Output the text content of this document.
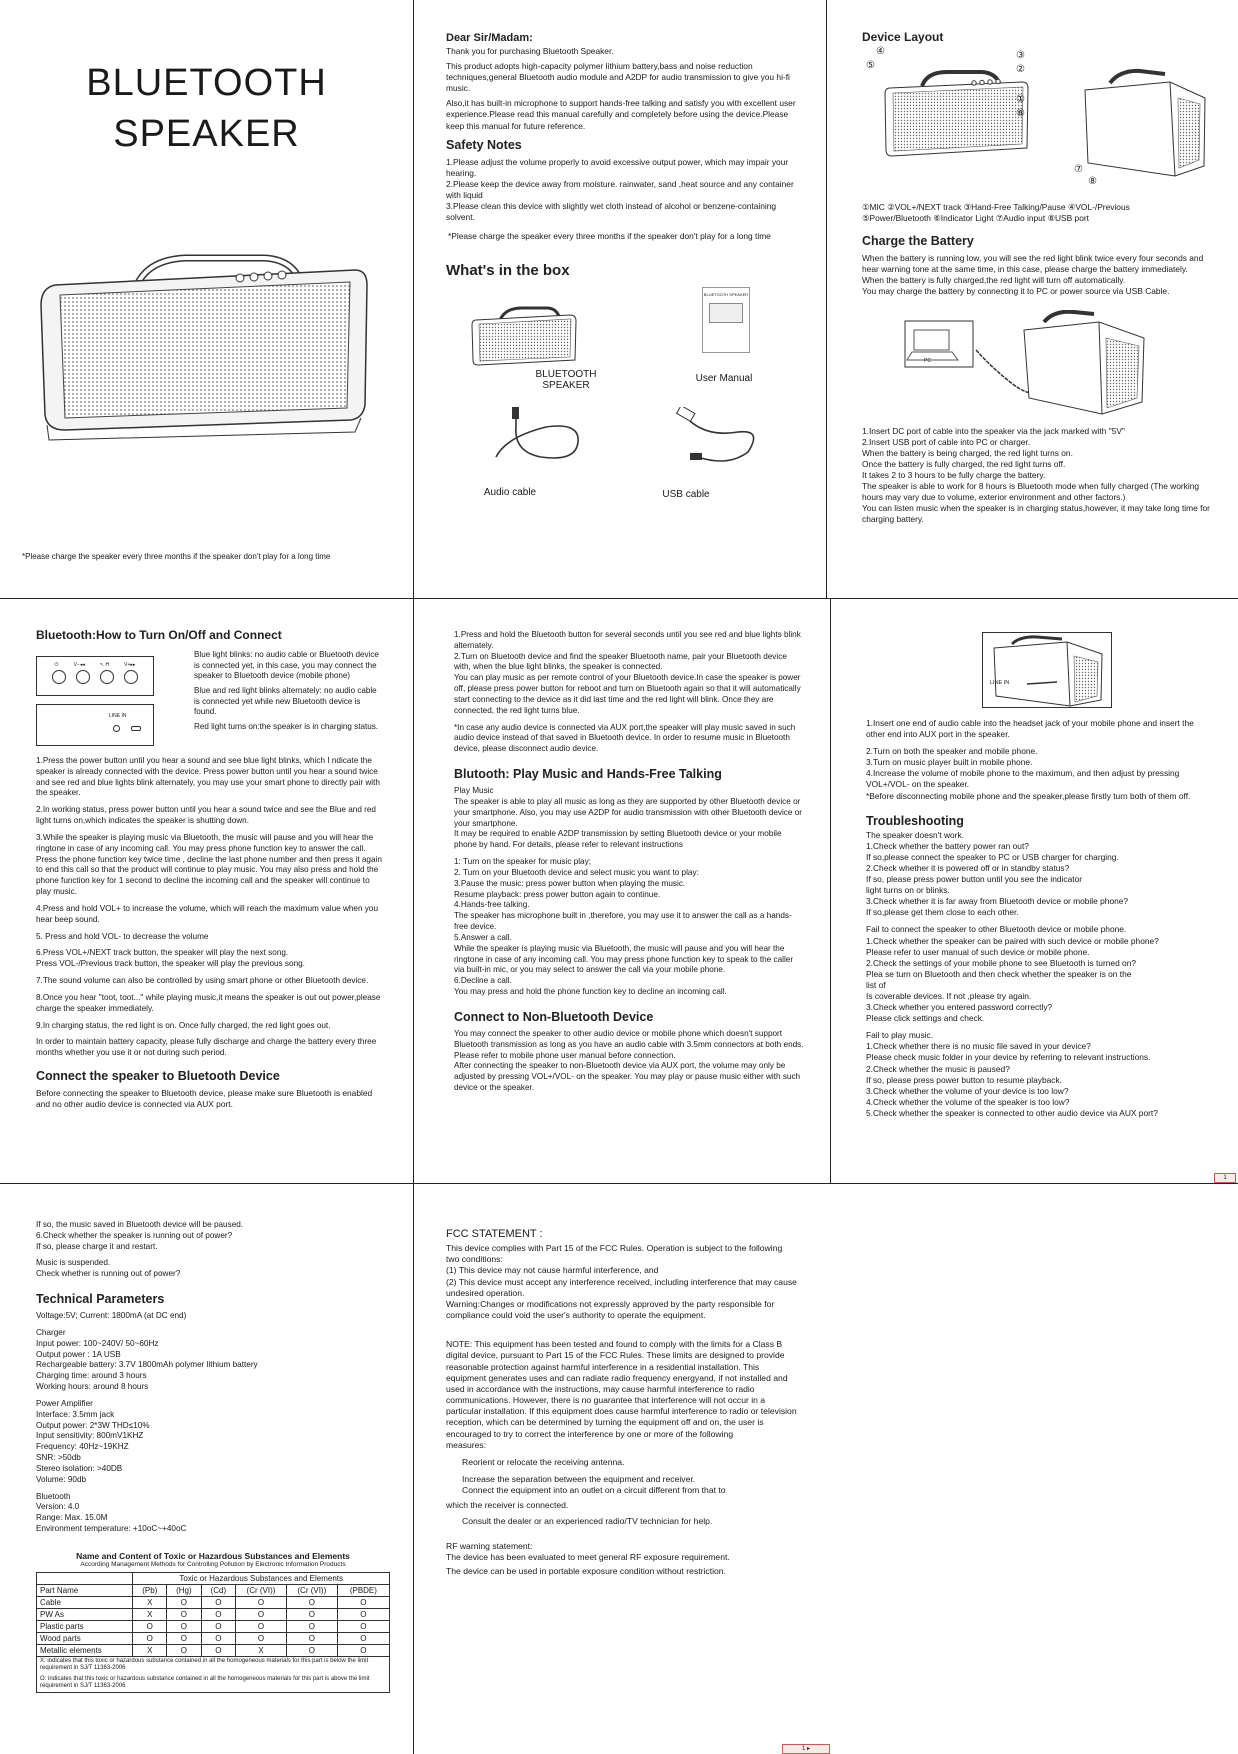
BLUETOOTH
SPEAKER
*Please charge the speaker every three months if the speaker don't play for a long time
Dear Sir/Madam:

Thank you for purchasing Bluetooth Speaker.

This product adopts high-capacity polymer lithium battery,bass and noise reduction techniques,general Bluetooth audio module and A2DP for audio transmission to give you hi-fi music.

Also,it has built-in microphone to support hands-free talking and satisfy you with excellent user experience.Please read this manual carefully and completely before using the device.Please keep this manual for future reference.

Safety Notes
1.Please adjust the volume properly to avoid excessive output power, which may impair your hearing.
2.Please keep the device away from moisture. rainwater, sand ,heat source and any container with liquid
3.Please clean this device with slightly wet cloth instead of alcohol or benzene-containing solvent.

*Please charge the speaker every three months if the speaker don't play for a long time

What's in the box
BLUETOOTH SPEAKER
BLUETOOTH SPEAKER
User Manual
Audio cable	USB cable
Device Layout
④
⑤
③
②
①
⑥
⑦
⑧
①MIC ②VOL+/NEXT track ③Hand-Free Talking/Pause ④VOL-/Previous
⑤Power/Bluetooth ⑥Indicator Light ⑦Audio input ⑧USB port
Charge the Battery

When the battery is running low, you will see the red light blink twice every four seconds and hear warning tone at the same time, in this case, please charge the battery immediately.
When the battery is fully charged,the red light will turn off automatically.
You may charge the battery by connecting it to PC or power source via USB Cable.

PC

1.Insert DC port of cable into the speaker via the jack marked with "5V"
2.Insert USB port of cable into PC or charger.
When the battery is being charged, the red light turns on.
Once the battery is fully charged, the red light turns off.
It takes 2 to 3 hours to be fully charge the battery.
The speaker is able to work for 8 hours is Bluetooth mode when fully charged (The working hours may vary due to volume, exterior environment and other factors.)
You can listen music when the speaker is in charging status,however, it may take long time for charging battery.

Bluetooth:How to Turn On/Off and Connect
⏻	V−◂◂	↖ H	V+▸▸
LINE IN

Blue light blinks: no audio cable or Bluetooth device is connected yet, in this case, you may connect the speaker to Bluetooth device (mobile phone)

Blue and red light blinks alternately: no audio cable is connected yet while new Bluetooth device is found.

Red light turns on:the speaker is in charging status.

1.Press the power button until you hear a sound and see blue light blinks, which I ndicate the speaker is already connected with the device. Press power button until you hear a sound twice and see red and blue lights blink alternately, you may use your smart phone to directly pair with the speaker.

2.In working status, press power button until you hear a sound twice and see the Blue and red light turns on,which indicates the speaker is shutting down.

3.While the speaker is playing music via Bluetooth, the music will pause and you will hear the ringtone in case of any incoming call. You may press phone function key to answer the call. Press the phone function key twice time , decline the last phone number and then press it again to end this call so that the product will continue to play music. You may also press and hold the phone function key for 1 second to decline the incoming call and the speaker will continue to play music.

4.Press and hold VOL+ to increase the volume, which will reach the maximum value when you hear beep sound.

5. Press and hold VOL- to decrease the volume

6.Press VOL+/NEXT track button, the speaker will play the next song.
Press VOL-/Previous track button, the speaker will play the previous song.

7.The sound volume can also be controlled by using smart phone or other Bluetooth device.

8.Once you hear "toot, toot..." while playing music,it means the speaker is out out power,please charge the speaker immediately.

9.In charging status, the red light is on. Once fully charged, the red light goes out.

In order to maintain battery capacity, please fully discharge and charge the battery every three months whether you use it or not during such period.

Connect the speaker to Bluetooth Device

Before connecting the speaker to Bluetooth device, please make sure Bluetooth is enabled and no other audio device is connected via AUX port.

1.Press and hold the Bluetooth button for several seconds until you see red and blue lights blink alternately.
2.Turn on Bluetooth device and find the speaker Bluetooth name, pair your Bluetooth device with, when the blue light blinks, the speaker is connected.
You can play music as per remote control of your Bluetooth device.In case the speaker is power off, please press power button for reboot and turn on Bluetooth again so that it will automatically start connecting to the device as it did last time and the red light will blink. Once they are connected, the red light turns blue.

*In case any audio device is connected via AUX port,the speaker will play music saved in such audio device instead of that saved in Bluetooth device. In order to resume music in Bluetooth device, please disconnect audio device.

Blutooth: Play Music and Hands-Free Talking

Play Music
The speaker is able to play all music as long as they are supported by other Bluetooth device or your smartphone. Also, you may use A2DP for audio transmission with other Bluetooth device or your smartphone.
It may be required to enable A2DP transmission by setting Bluetooth device or your mobile phone by hand. For details, please refer to relevant instructions

1: Turn on the speaker for music play;
2. Turn on your Bluetooth device and select music you want to play:
3.Pause the music: press power button when playing the music.
Resume playback: press power button again to continue.
4.Hands-free talking.
The speaker has microphone built in ,therefore, you may use it to answer the call as a hands-free device.
5.Answer a call.
While the speaker is playing music via Bluetooth, the music will pause and you will hear the ringtone in case of any incoming call. You may press phone function key to speak to the caller via built-in mic, or you may select to answer the call via your mobile phone.
6.Decline a call.
You may press and hold the phone function key to decline an incoming call.

Connect to Non-Bluetooth Device

You may connect the speaker to other audio device or mobile phone which doesn't support Bluetooth transmission as long as you have an audio cable with 3.5mm connectors at both ends.
Please refer to mobile phone user manual before connection.
After connecting the speaker to non-Bluetooth device via AUX port, the volume may only be adjusted by pressing VOL+/VOL- on the speaker. You may play or pause music either with such device or the speaker.

LINE IN

1.Insert one end of audio cable into the headset jack of your mobile phone and insert the other end into AUX port in the speaker.

2.Turn on both the speaker and mobile phone.
3.Turn on music player built in mobile phone.
4.Increase the volume of mobile phone to the maximum, and then adjust by pressing VOL+/VOL- on the speaker.
*Before disconnecting mobile phone and the speaker,please firstly turn both of them off.

Troubleshooting

The speaker doesn't work.
1.Check whether the battery power ran out?
If so,please connect the speaker to PC or USB charger for charging.
2.Check whether it is powered off or in standby status?
If so, please press power button until you see the indicator
light turns on or blinks.
3.Check whether it is far away from Bluetooth device or mobile phone?
If so,please get them close to each other.

Fail to connect the speaker to other Bluetooth device or mobile phone.
1.Check whether the speaker can be paired with such device or mobile phone?
Please refer to user manual of such device or mobile phone.
2.Check the settings of your mobile phone to see Bluetooth is turned on?
Plea se turn on Bluetooth and then check whether the speaker is on the
list of
Is coverable devices. If not ,please try again.
3.Check whether you entered password correctly?
Please click settings and check.

Fail to play music.
1.Check whether there is no music file saved in your device?
Please check music folder in your device by referring to relevant instructions.
2.Check whether the music is paused?
If so, please press power button to resume playback.
3.Check whether the volume of your device is too low?
4.Check whether the volume of the speaker is too low?
5.Check whether the speaker is connected to other audio device via AUX port?

1

If so, the music saved in Bluetooth device will be paused.
6.Check whether the speaker is running out of power?
If so, please charge it and restart.

Music is suspended.
Check whether is running out of power?

Technical Parameters

Voltage:5V; Current: 1800mA (at DC end)

Charger
Input power: 100~240V/ 50~60Hz
Output power : 1A USB
Rechargeable battery: 3.7V 1800mAh polymer lithium battery
Charging time: around 3 hours
Working hours: around 8 hours

Power Amplifier
Interface: 3.5mm jack
Output power: 2*3W THD≤10%
Input sensitivity: 800mV1KHZ
Frequency: 40Hz~19KHZ
SNR: >50db
Stereo isolation: >40DB
Volume: 90db

Bluetooth
Version: 4.0
Range: Max. 15.0M
Environment temperature: +10oC~+40oC

Name and Content of Toxic or Hazardous Substances and Elements
According Management Methods for Controlling Pollution by Electronic Information Products
	Toxic or Hazardous Substances and Elements					
Part Name	(Pb)	(Hg)	(Cd)	(Cr (VI))	(Cr (VI))	(PBDE)
Cable	X	O	O	O	O	O
PW As	X	O	O	O	O	O
Plastic parts	O	O	O	O	O	O
Wood parts	O	O	O	O	O	O
Metallic elements	X	O	O	X	O	O

X: indicates that this toxic or hazardous substance contained in all the homogeneous materials for this part is below the limit requirement in SJ/T 11363-2006
O: indicates that this toxic or hazardous substance contained in all the homogeneous materials for this part is above the limit requirement in SJ/T 11363-2006						
FCC STATEMENT :

This device complies with Part 15 of the FCC Rules. Operation is subject to the following two conditions:
(1) This device may not cause harmful interference, and
(2) This device must accept any interference received, including interference that may cause undesired operation.
Warning:Changes or modifications not expressly approved by the party responsible for compliance could void the user's authority to operate the equipment.

NOTE: This equipment has been tested and found to comply with the limits for a Class B digital device, pursuant to Part 15 of the FCC Rules. These limits are designed to provide reasonable protection against harmful interference in a residential installation. This equipment generates uses and can radiate radio frequency energyand, if not installed and used in accordance with the instructions, may cause harmful interference to radio communications. However, there is no guarantee that interference will not occur in a particular installation. If this equipment does cause harmful interference to radio or television reception, which can be determined by turning the equipment off and on, the user is encouraged to try to correct the interference by one or more of the following
measures:

Reorient or relocate the receiving antenna.

Increase the separation between the equipment and receiver.
Connect the equipment into an outlet on a circuit different from that to

which the receiver is connected.

Consult the dealer or an experienced radio/TV technician for help.

RF warning statement:

The device has been evaluated to meet general RF exposure requirement.

The device can be used in portable exposure condition without restriction.

1 ▸
